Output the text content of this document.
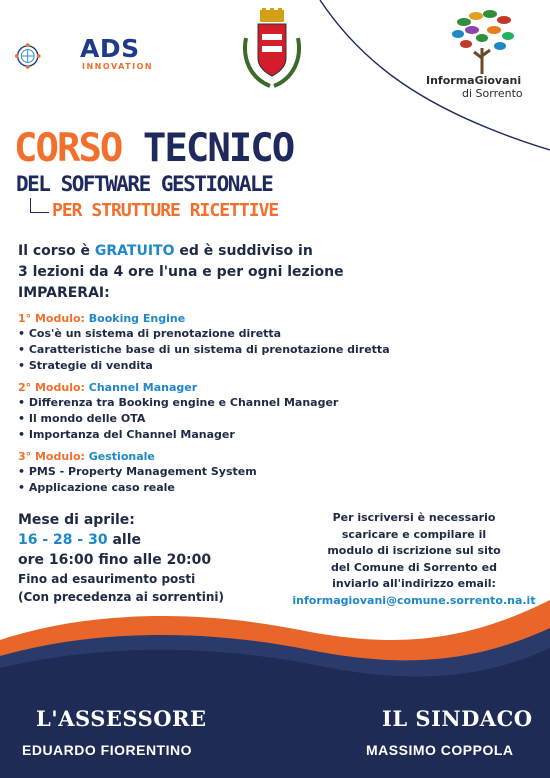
ADS
INNOVATION
InformaGiovani
di Sorrento
CORSO TECNICO
DEL SOFTWARE GESTIONALE
PER STRUTTURE RICETTIVE
Il corso è GRATUITO ed è suddiviso in
3 lezioni da 4 ore l'una e per ogni lezione
IMPARERAI:
1° Modulo: Booking Engine
• Cos'è un sistema di prenotazione diretta
• Caratteristiche base di un sistema di prenotazione diretta
• Strategie di vendita
2° Modulo: Channel Manager
• Differenza tra Booking engine e Channel Manager
• Il mondo delle OTA
• Importanza del Channel Manager
3° Modulo: Gestionale
• PMS - Property Management System
• Applicazione caso reale
Mese di aprile:
16 - 28 - 30 alle
ore 16:00 fino alle 20:00
Fino ad esaurimento posti
(Con precedenza ai sorrentini)
Per iscriversi è necessario
scaricare e compilare il
modulo di iscrizione sul sito
del Comune di Sorrento ed
inviarlo all'indirizzo email:
informagiovani@comune.sorrento.na.it
L'ASSESSORE
EDUARDO FIORENTINO
IL SINDACO
MASSIMO COPPOLA
